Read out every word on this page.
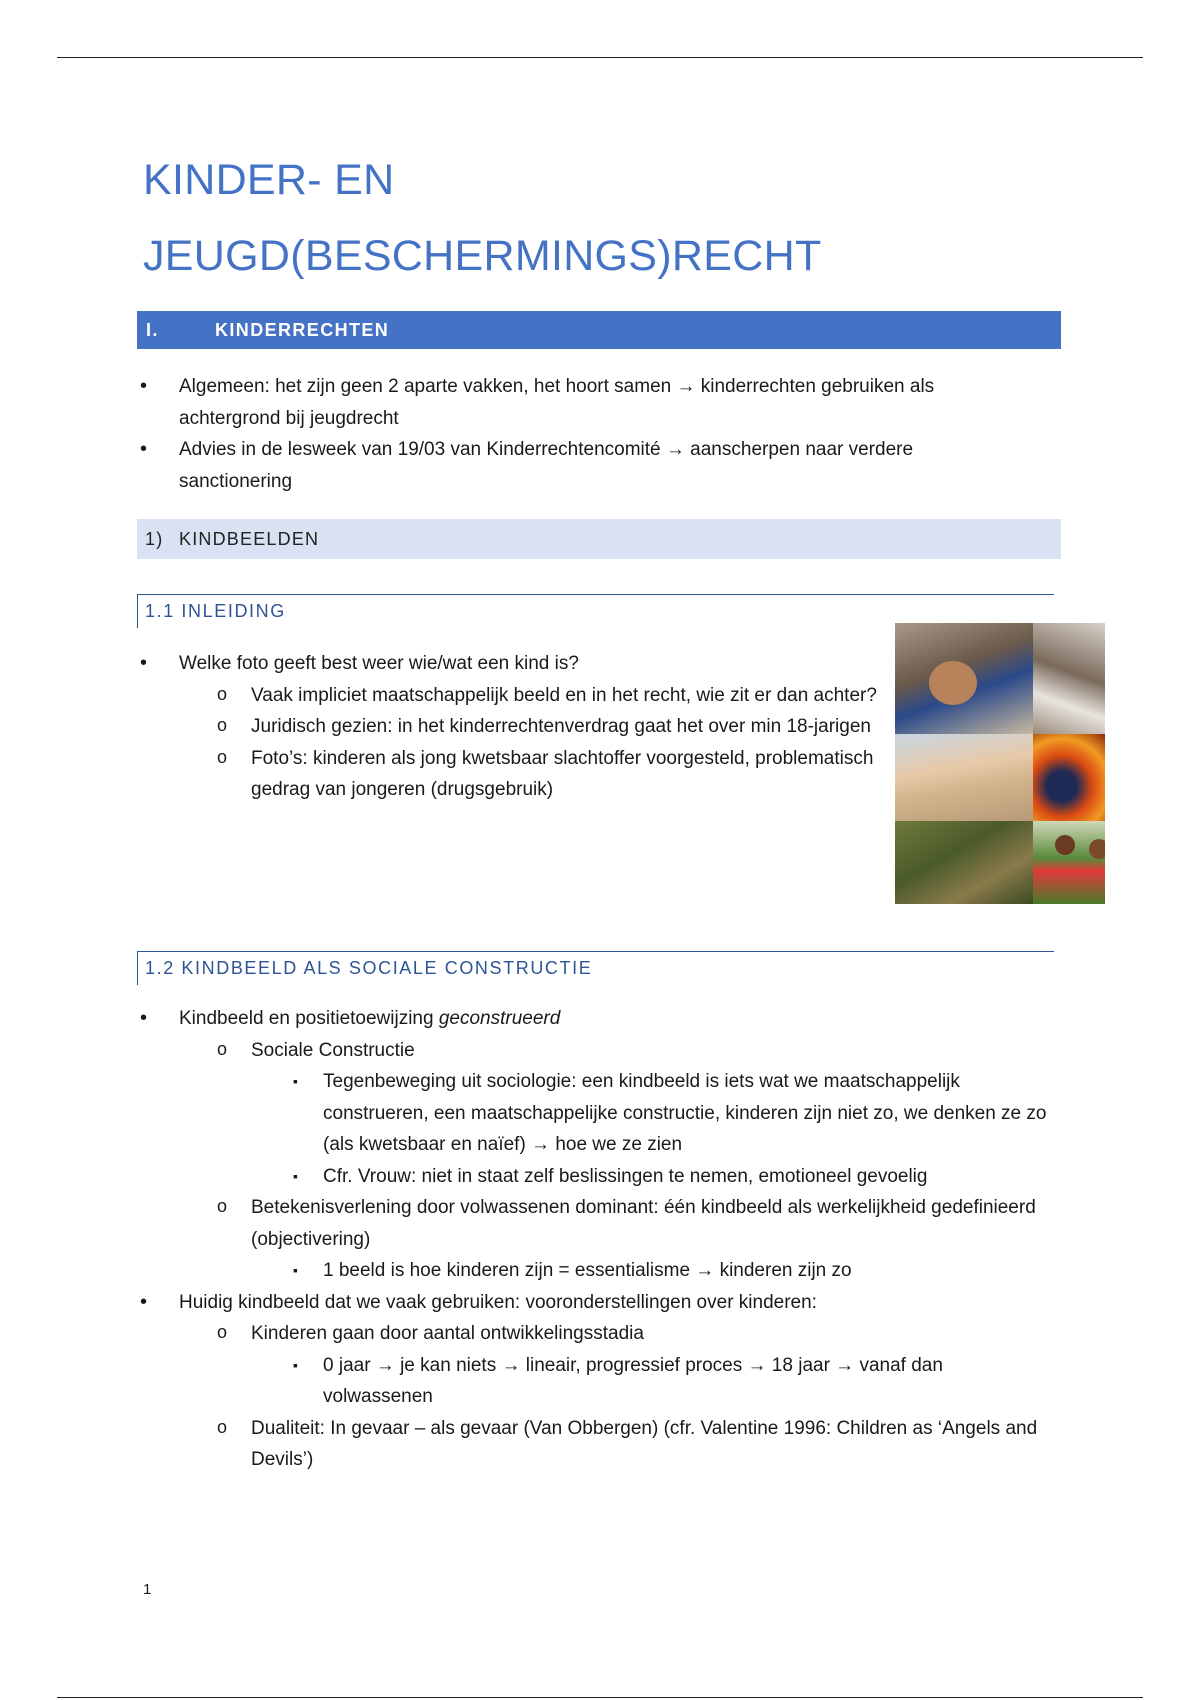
KINDER- EN
JEUGD(BESCHERMINGS)RECHT
I.	KINDERRECHTEN
• Algemeen: het zijn geen 2 aparte vakken, het hoort samen → kinderrechten gebruiken als achtergrond bij jeugdrecht
• Advies in de lesweek van 19/03 van Kinderrechtencomité → aanscherpen naar verdere sanctionering
1) KINDBEELDEN
1.1 INLEIDING
• Welke foto geeft best weer wie/wat een kind is?
o Vaak impliciet maatschappelijk beeld en in het recht, wie zit er dan achter?
o Juridisch gezien: in het kinderrechtenverdrag gaat het over min 18-jarigen
o Foto’s: kinderen als jong kwetsbaar slachtoffer voorgesteld, problematisch gedrag van jongeren (drugsgebruik)
1.2 KINDBEELD ALS SOCIALE CONSTRUCTIE
• Kindbeeld en positietoewijzing geconstrueerd
o Sociale Constructie
▪ Tegenbeweging uit sociologie: een kindbeeld is iets wat we maatschappelijk construeren, een maatschappelijke constructie, kinderen zijn niet zo, we denken ze zo (als kwetsbaar en naïef) → hoe we ze zien
▪ Cfr. Vrouw: niet in staat zelf beslissingen te nemen, emotioneel gevoelig
o Betekenisverlening door volwassenen dominant: één kindbeeld als werkelijkheid gedefinieerd (objectivering)
▪ 1 beeld is hoe kinderen zijn = essentialisme → kinderen zijn zo
• Huidig kindbeeld dat we vaak gebruiken: vooronderstellingen over kinderen:
o Kinderen gaan door aantal ontwikkelingsstadia
▪ 0 jaar → je kan niets → lineair, progressief proces → 18 jaar → vanaf dan volwassenen
o Dualiteit: In gevaar – als gevaar (Van Obbergen) (cfr. Valentine 1996: Children as ‘Angels and Devils’)
1
